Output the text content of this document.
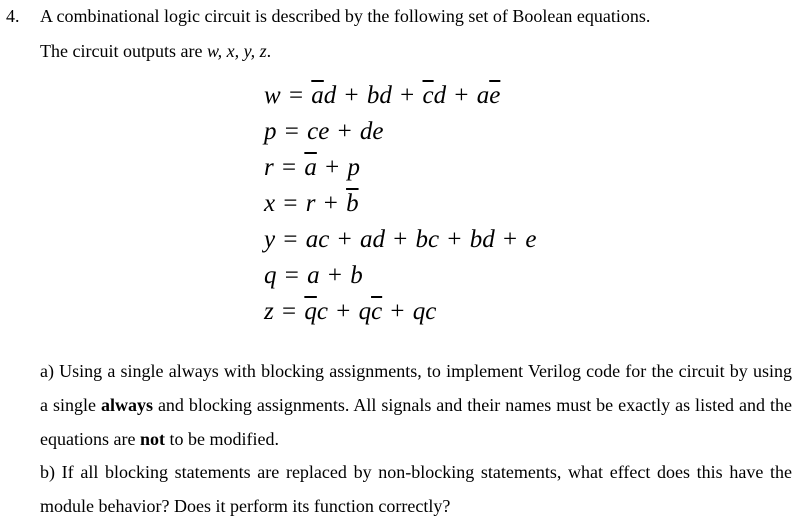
4. A combinational logic circuit is described by the following set of Boolean equations.
The circuit outputs are w, x, y, z.
$w = \overline{a}d$ + bd + $\overline{c}d + a\overline{e}$
p = ce + de
$r = \overline{a} + p$
$x = r + \overline{b}$
y = ac + ad + bc + bd + e
q = a + b
$z = \overline{q}c + q\overline{c}$ + qc
a) Using a single always with blocking assignments, to implement Verilog code for the circuit by using a single always and blocking assignments. All signals and their names must be exactly as listed and the equations are not to be modified.
b) If all blocking statements are replaced by non-blocking statements, what effect does this have the module behavior? Does it perform its function correctly?
